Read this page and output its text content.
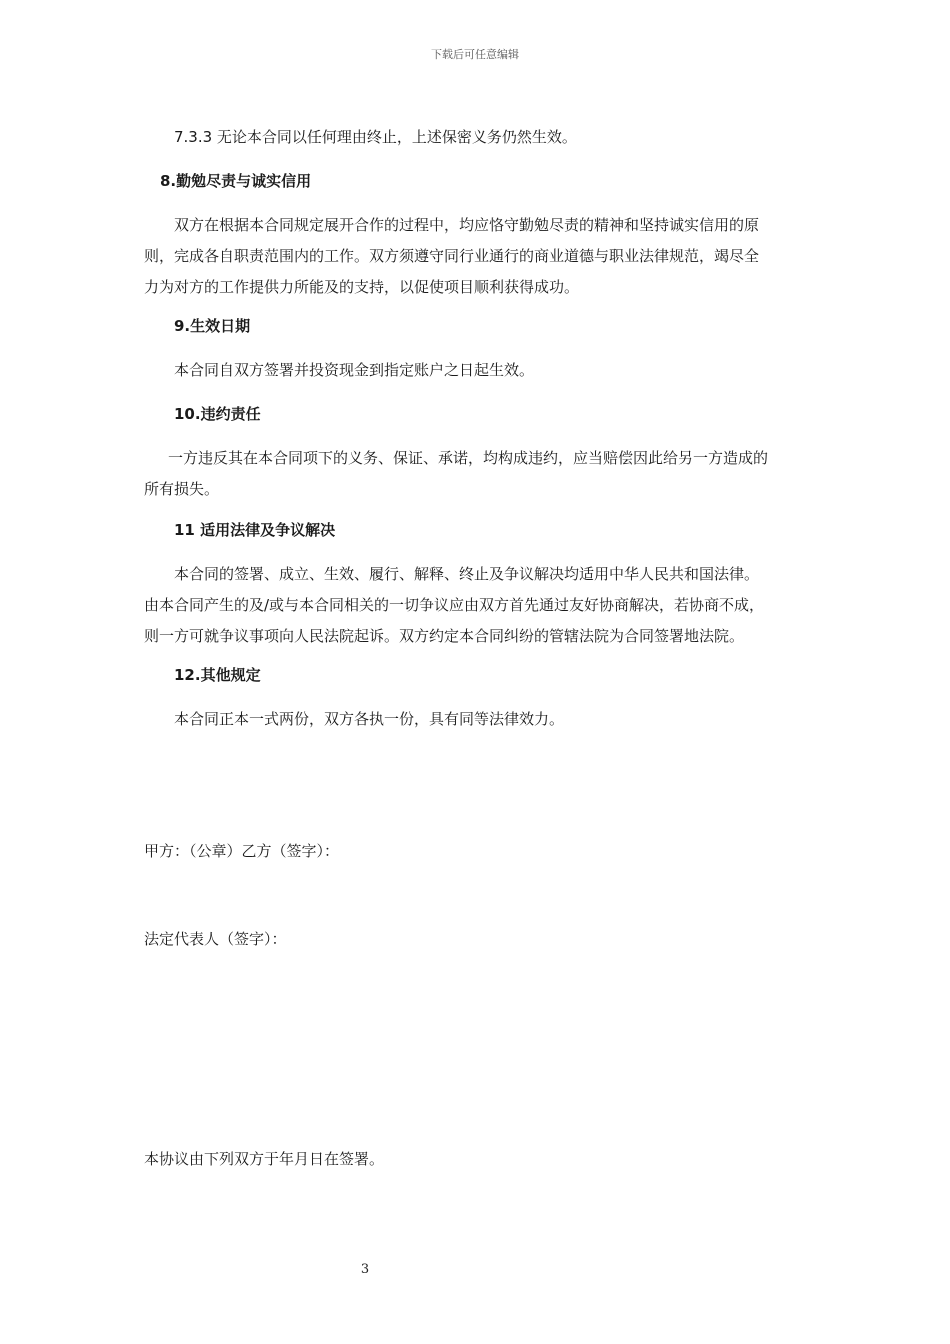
下载后可任意编辑
7.3.3 无论本合同以任何理由终止，上述保密义务仍然生效。
8.勤勉尽责与诚实信用
双方在根据本合同规定展开合作的过程中，均应恪守勤勉尽责的精神和坚持诚实信用的原
则，完成各自职责范围内的工作。双方须遵守同行业通行的商业道德与职业法律规范，竭尽全
力为对方的工作提供力所能及的支持，以促使项目顺利获得成功。
9.生效日期
本合同自双方签署并投资现金到指定账户之日起生效。
10.违约责任
一方违反其在本合同项下的义务、保证、承诺，均构成违约，应当赔偿因此给另一方造成的
所有损失。
11 适用法律及争议解决
本合同的签署、成立、生效、履行、解释、终止及争议解决均适用中华人民共和国法律。
由本合同产生的及/或与本合同相关的一切争议应由双方首先通过友好协商解决，若协商不成，
则一方可就争议事项向人民法院起诉。双方约定本合同纠纷的管辖法院为合同签署地法院。
12.其他规定
本合同正本一式两份，双方各执一份，具有同等法律效力。
甲方：（公章）乙方（签字）：
法定代表人（签字）：
本协议由下列双方于年月日在签署。
3
